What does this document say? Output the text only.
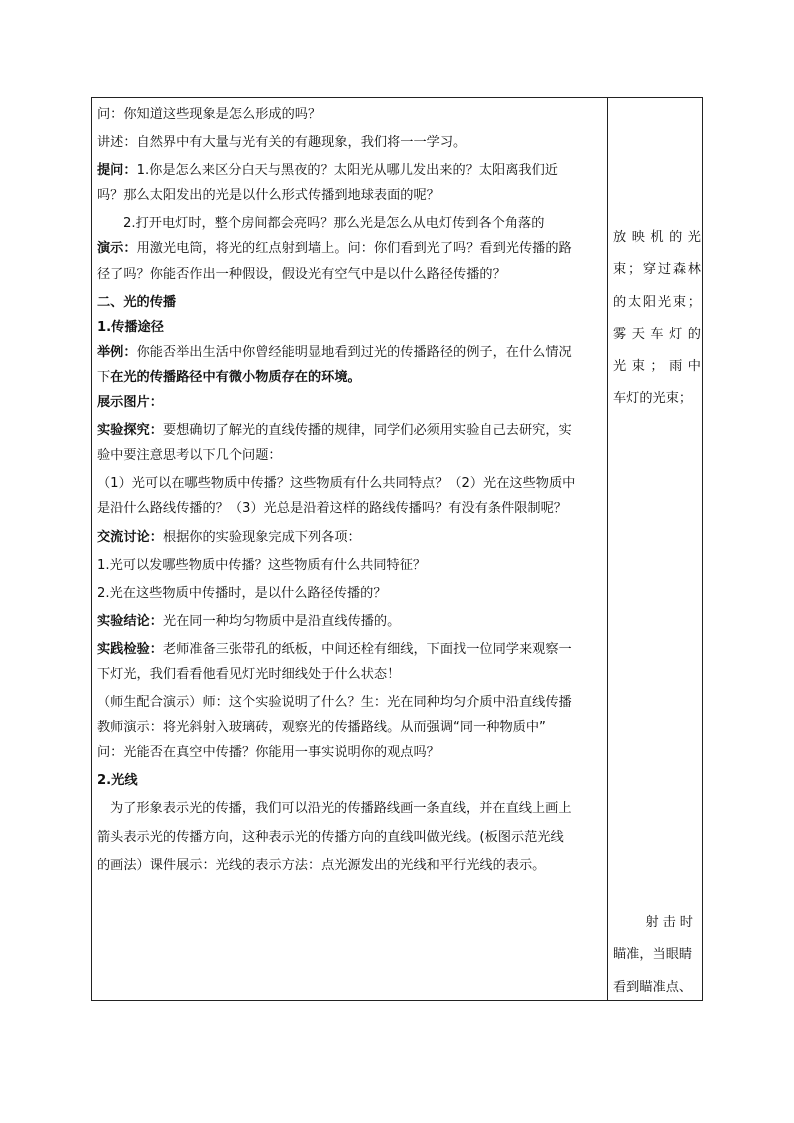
问：你知道这些现象是怎么形成的吗？
讲述：自然界中有大量与光有关的有趣现象，我们将一一学习。
提问：1.你是怎么来区分白天与黑夜的？太阳光从哪儿发出来的？太阳离我们近
吗？那么太阳发出的光是以什么形式传播到地球表面的呢？
2.打开电灯时，整个房间都会亮吗？那么光是怎么从电灯传到各个角落的
演示：用激光电筒，将光的红点射到墙上。问：你们看到光了吗？看到光传播的路
径了吗？你能否作出一种假设，假设光有空气中是以什么路径传播的？
二、光的传播
1.传播途径
举例：你能否举出生活中你曾经能明显地看到过光的传播路径的例子，在什么情况
下在光的传播路径中有微小物质存在的环境。
展示图片：
实验探究：要想确切了解光的直线传播的规律，同学们必须用实验自己去研究，实
验中要注意思考以下几个问题：
（1）光可以在哪些物质中传播？这些物质有什么共同特点？（2）光在这些物质中
是沿什么路线传播的？（3）光总是沿着这样的路线传播吗？有没有条件限制呢？
交流讨论：根据你的实验现象完成下列各项：
1.光可以发哪些物质中传播？这些物质有什么共同特征？
2.光在这些物质中传播时，是以什么路径传播的？
实验结论：光在同一种均匀物质中是沿直线传播的。
实践检验：老师准备三张带孔的纸板，中间还栓有细线，下面找一位同学来观察一
下灯光，我们看看他看见灯光时细线处于什么状态！
（师生配合演示）师：这个实验说明了什么？生：光在同种均匀介质中沿直线传播
教师演示：将光斜射入玻璃砖，观察光的传播路线。从而强调“同一种物质中”
问：光能否在真空中传播？你能用一事实说明你的观点吗？
2.光线
为了形象表示光的传播，我们可以沿光的传播路线画一条直线，并在直线上画上
箭头表示光的传播方向，这种表示光的传播方向的直线叫做光线。(板图示范光线
的画法）课件展示：光线的表示方法：点光源发出的光线和平行光线的表示。
放映机的光
束；穿过森林
的太阳光束；
雾天车灯的
光束；雨中
车灯的光束；
射击时
瞄准，当眼睛
看到瞄准点、
